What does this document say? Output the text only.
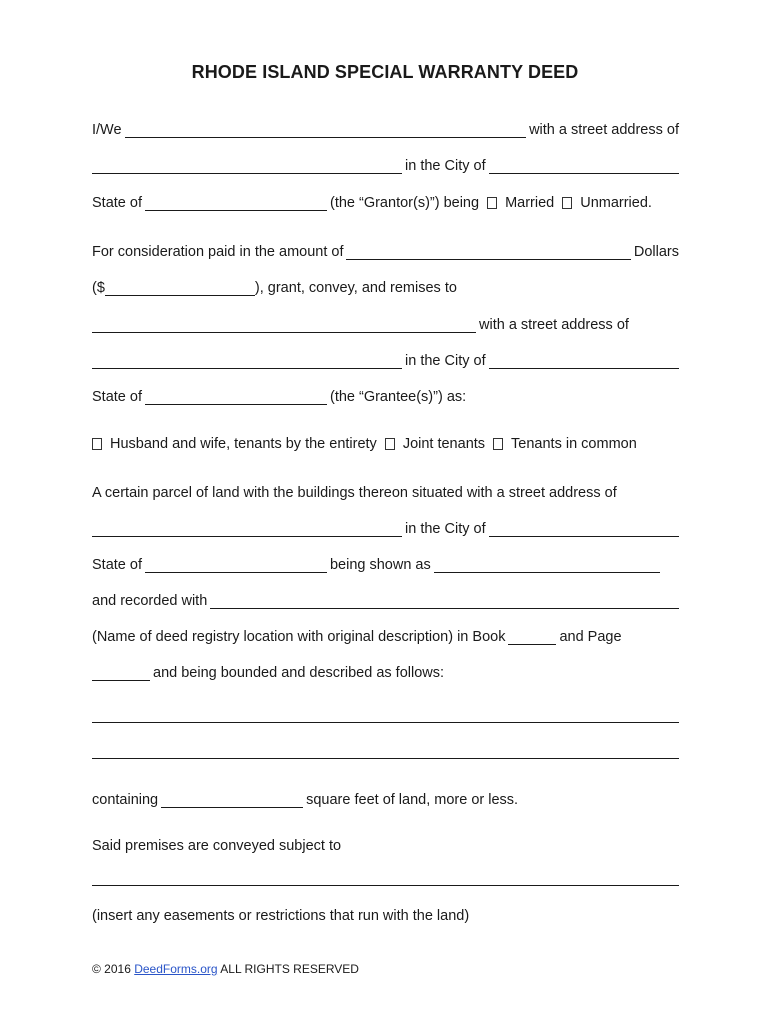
RHODE ISLAND SPECIAL WARRANTY DEED
I/We	with a street address of
in the City of
State of	(the “Grantor(s)”) being Married Unmarried.
For consideration paid in the amount of	Dollars
($	), grant, convey, and remises to
with a street address of
in the City of
State of	(the “Grantee(s)”) as:
Husband and wife, tenants by the entirety Joint tenants Tenants in common
A certain parcel of land with the buildings thereon situated with a street address of
in the City of
State of	being shown as
and recorded with
(Name of deed registry location with original description) in Book	and Page
and being bounded and described as follows:
containing	square feet of land, more or less.
Said premises are conveyed subject to
(insert any easements or restrictions that run with the land)
© 2016 DeedForms.org ALL RIGHTS RESERVED
